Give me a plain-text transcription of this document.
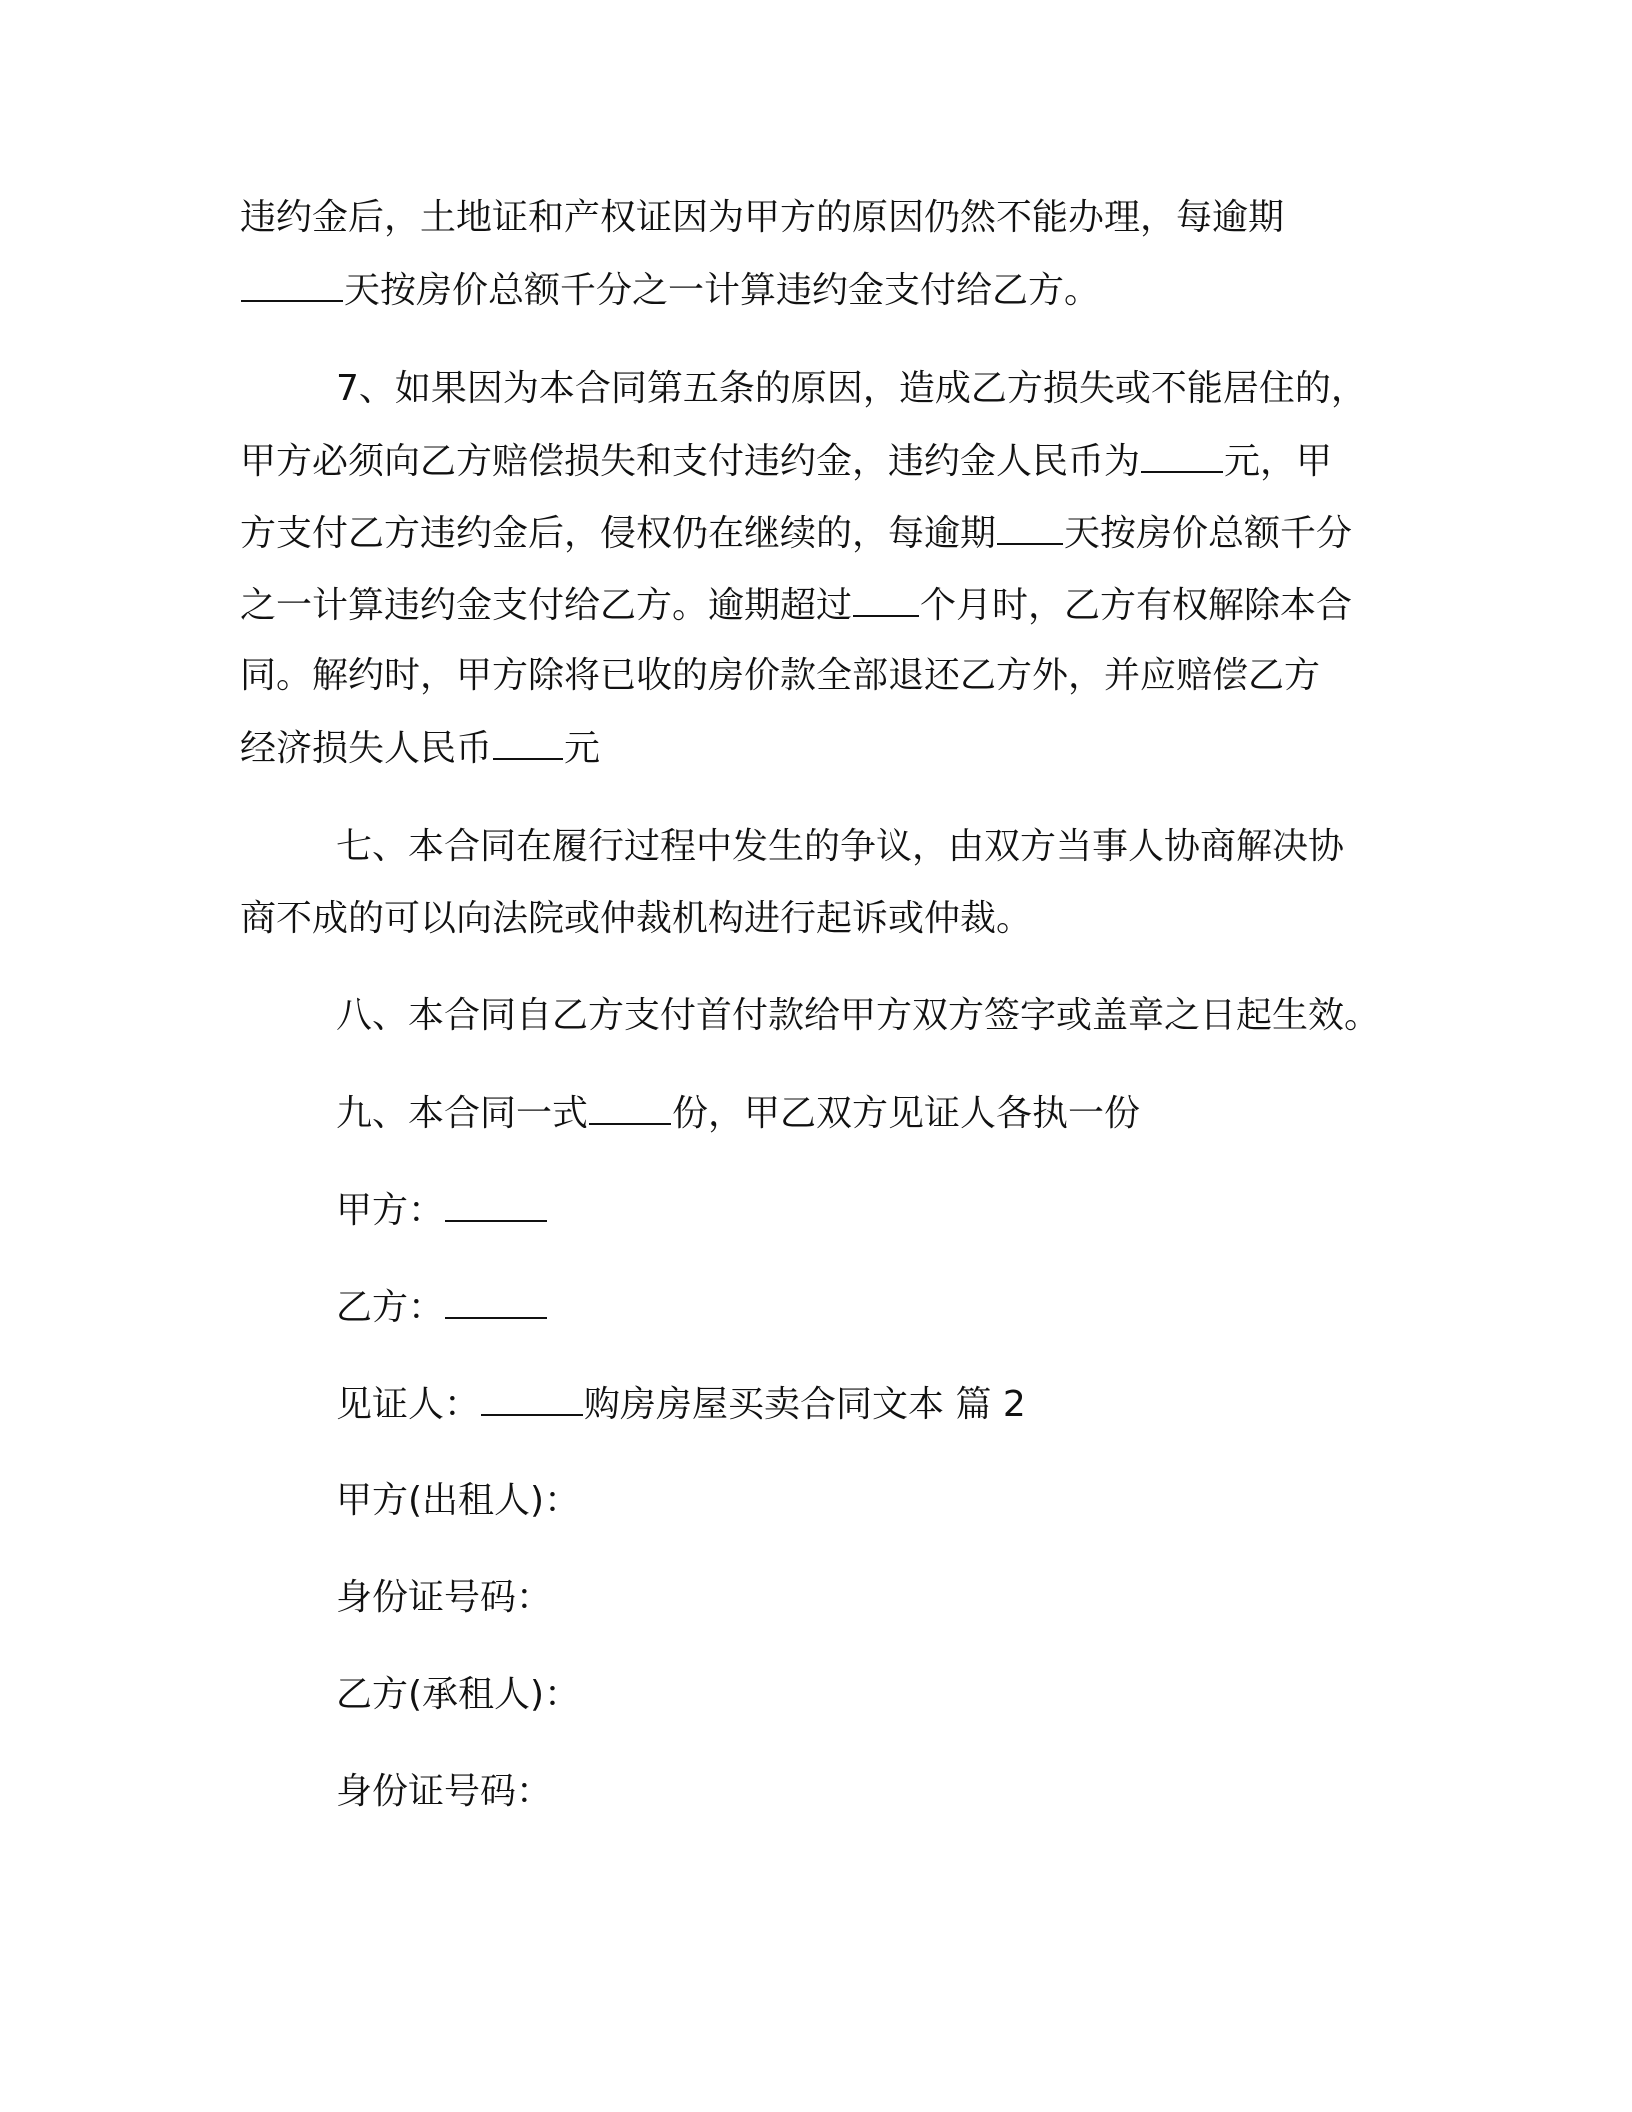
违约金后，土地证和产权证因为甲方的原因仍然不能办理，每逾期

天按房价总额千分之一计算违约金支付给乙方。

7、如果因为本合同第五条的原因，造成乙方损失或不能居住的，

甲方必须向乙方赔偿损失和支付违约金，违约金人民币为 元，甲

方支付乙方违约金后，侵权仍在继续的，每逾期 天按房价总额千分

之一计算违约金支付给乙方。逾期超过 个月时，乙方有权解除本合

同。解约时，甲方除将已收的房价款全部退还乙方外，并应赔偿乙方

经济损失人民币 元

七、本合同在履行过程中发生的争议，由双方当事人协商解决协

商不成的可以向法院或仲裁机构进行起诉或仲裁。

八、本合同自乙方支付首付款给甲方双方签字或盖章之日起生效。

九、本合同一式 份，甲乙双方见证人各执一份

甲方：

乙方：

见证人：	购房房屋买卖合同文本 篇 2

甲方(出租人)：

身份证号码：

乙方(承租人)：

身份证号码：
